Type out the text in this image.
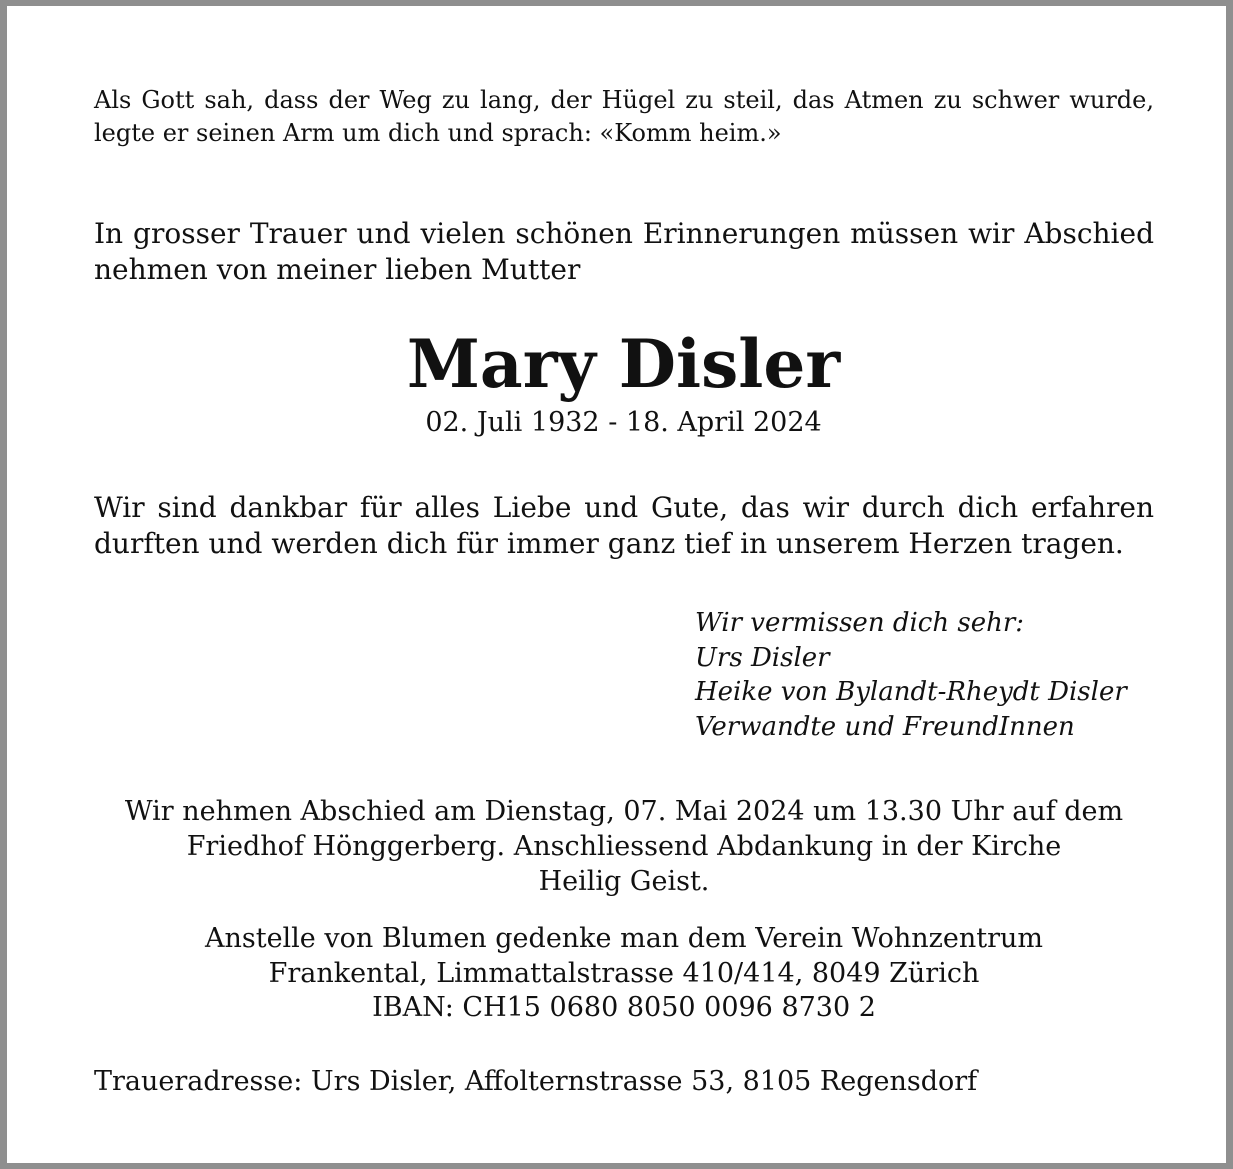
Als Gott sah, dass der Weg zu lang, der Hügel zu steil, das Atmen zu schwer wurde, legte er seinen Arm um dich und sprach: «Komm heim.»

In grosser Trauer und vielen schönen Erinnerungen müssen wir Abschied nehmen von meiner lieben Mutter

Mary Disler
02. Juli 1932 - 18. April 2024

Wir sind dankbar für alles Liebe und Gute, das wir durch dich erfahren durften und werden dich für immer ganz tief in unserem Herzen tragen.

Wir vermissen dich sehr:
Urs Disler
Heike von Bylandt-Rheydt Disler
Verwandte und FreundInnen
Wir nehmen Abschied am Dienstag, 07. Mai 2024 um 13.30 Uhr auf dem
Friedhof Hönggerberg. Anschliessend Abdankung in der Kirche
Heilig Geist.
Anstelle von Blumen gedenke man dem Verein Wohnzentrum
Frankental, Limmattalstrasse 410/414, 8049 Zürich
IBAN: CH15 0680 8050 0096 8730 2
Traueradresse: Urs Disler, Affolternstrasse 53, 8105 Regensdorf
